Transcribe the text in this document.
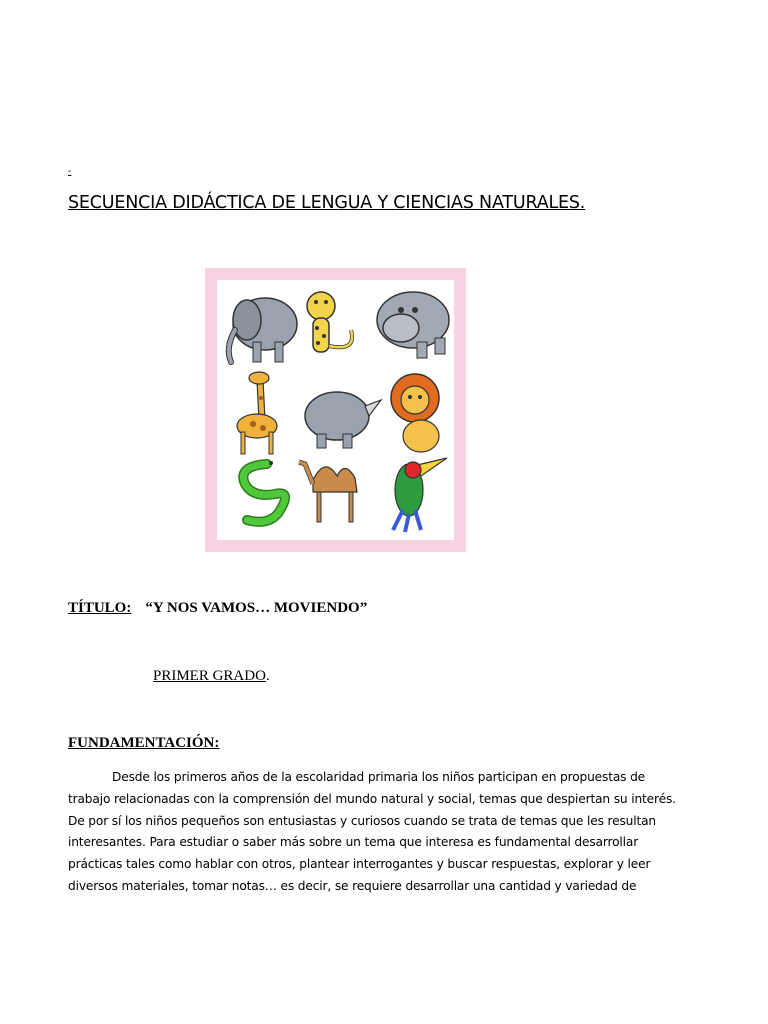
-
SECUENCIA DIDÁCTICA DE LENGUA Y CIENCIAS NATURALES.
TÍTULO: “Y NOS VAMOS… MOVIENDO”
PRIMER GRADO.
FUNDAMENTACIÓN:
Desde los primeros años de la escolaridad primaria los niños participan en propuestas de
trabajo relacionadas con la comprensión del mundo natural y social, temas que despiertan su interés.
De por sí los niños pequeños son entusiastas y curiosos cuando se trata de temas que les resultan
interesantes. Para estudiar o saber más sobre un tema que interesa es fundamental desarrollar
prácticas tales como hablar con otros, plantear interrogantes y buscar respuestas, explorar y leer
diversos materiales, tomar notas… es decir, se requiere desarrollar una cantidad y variedad de
